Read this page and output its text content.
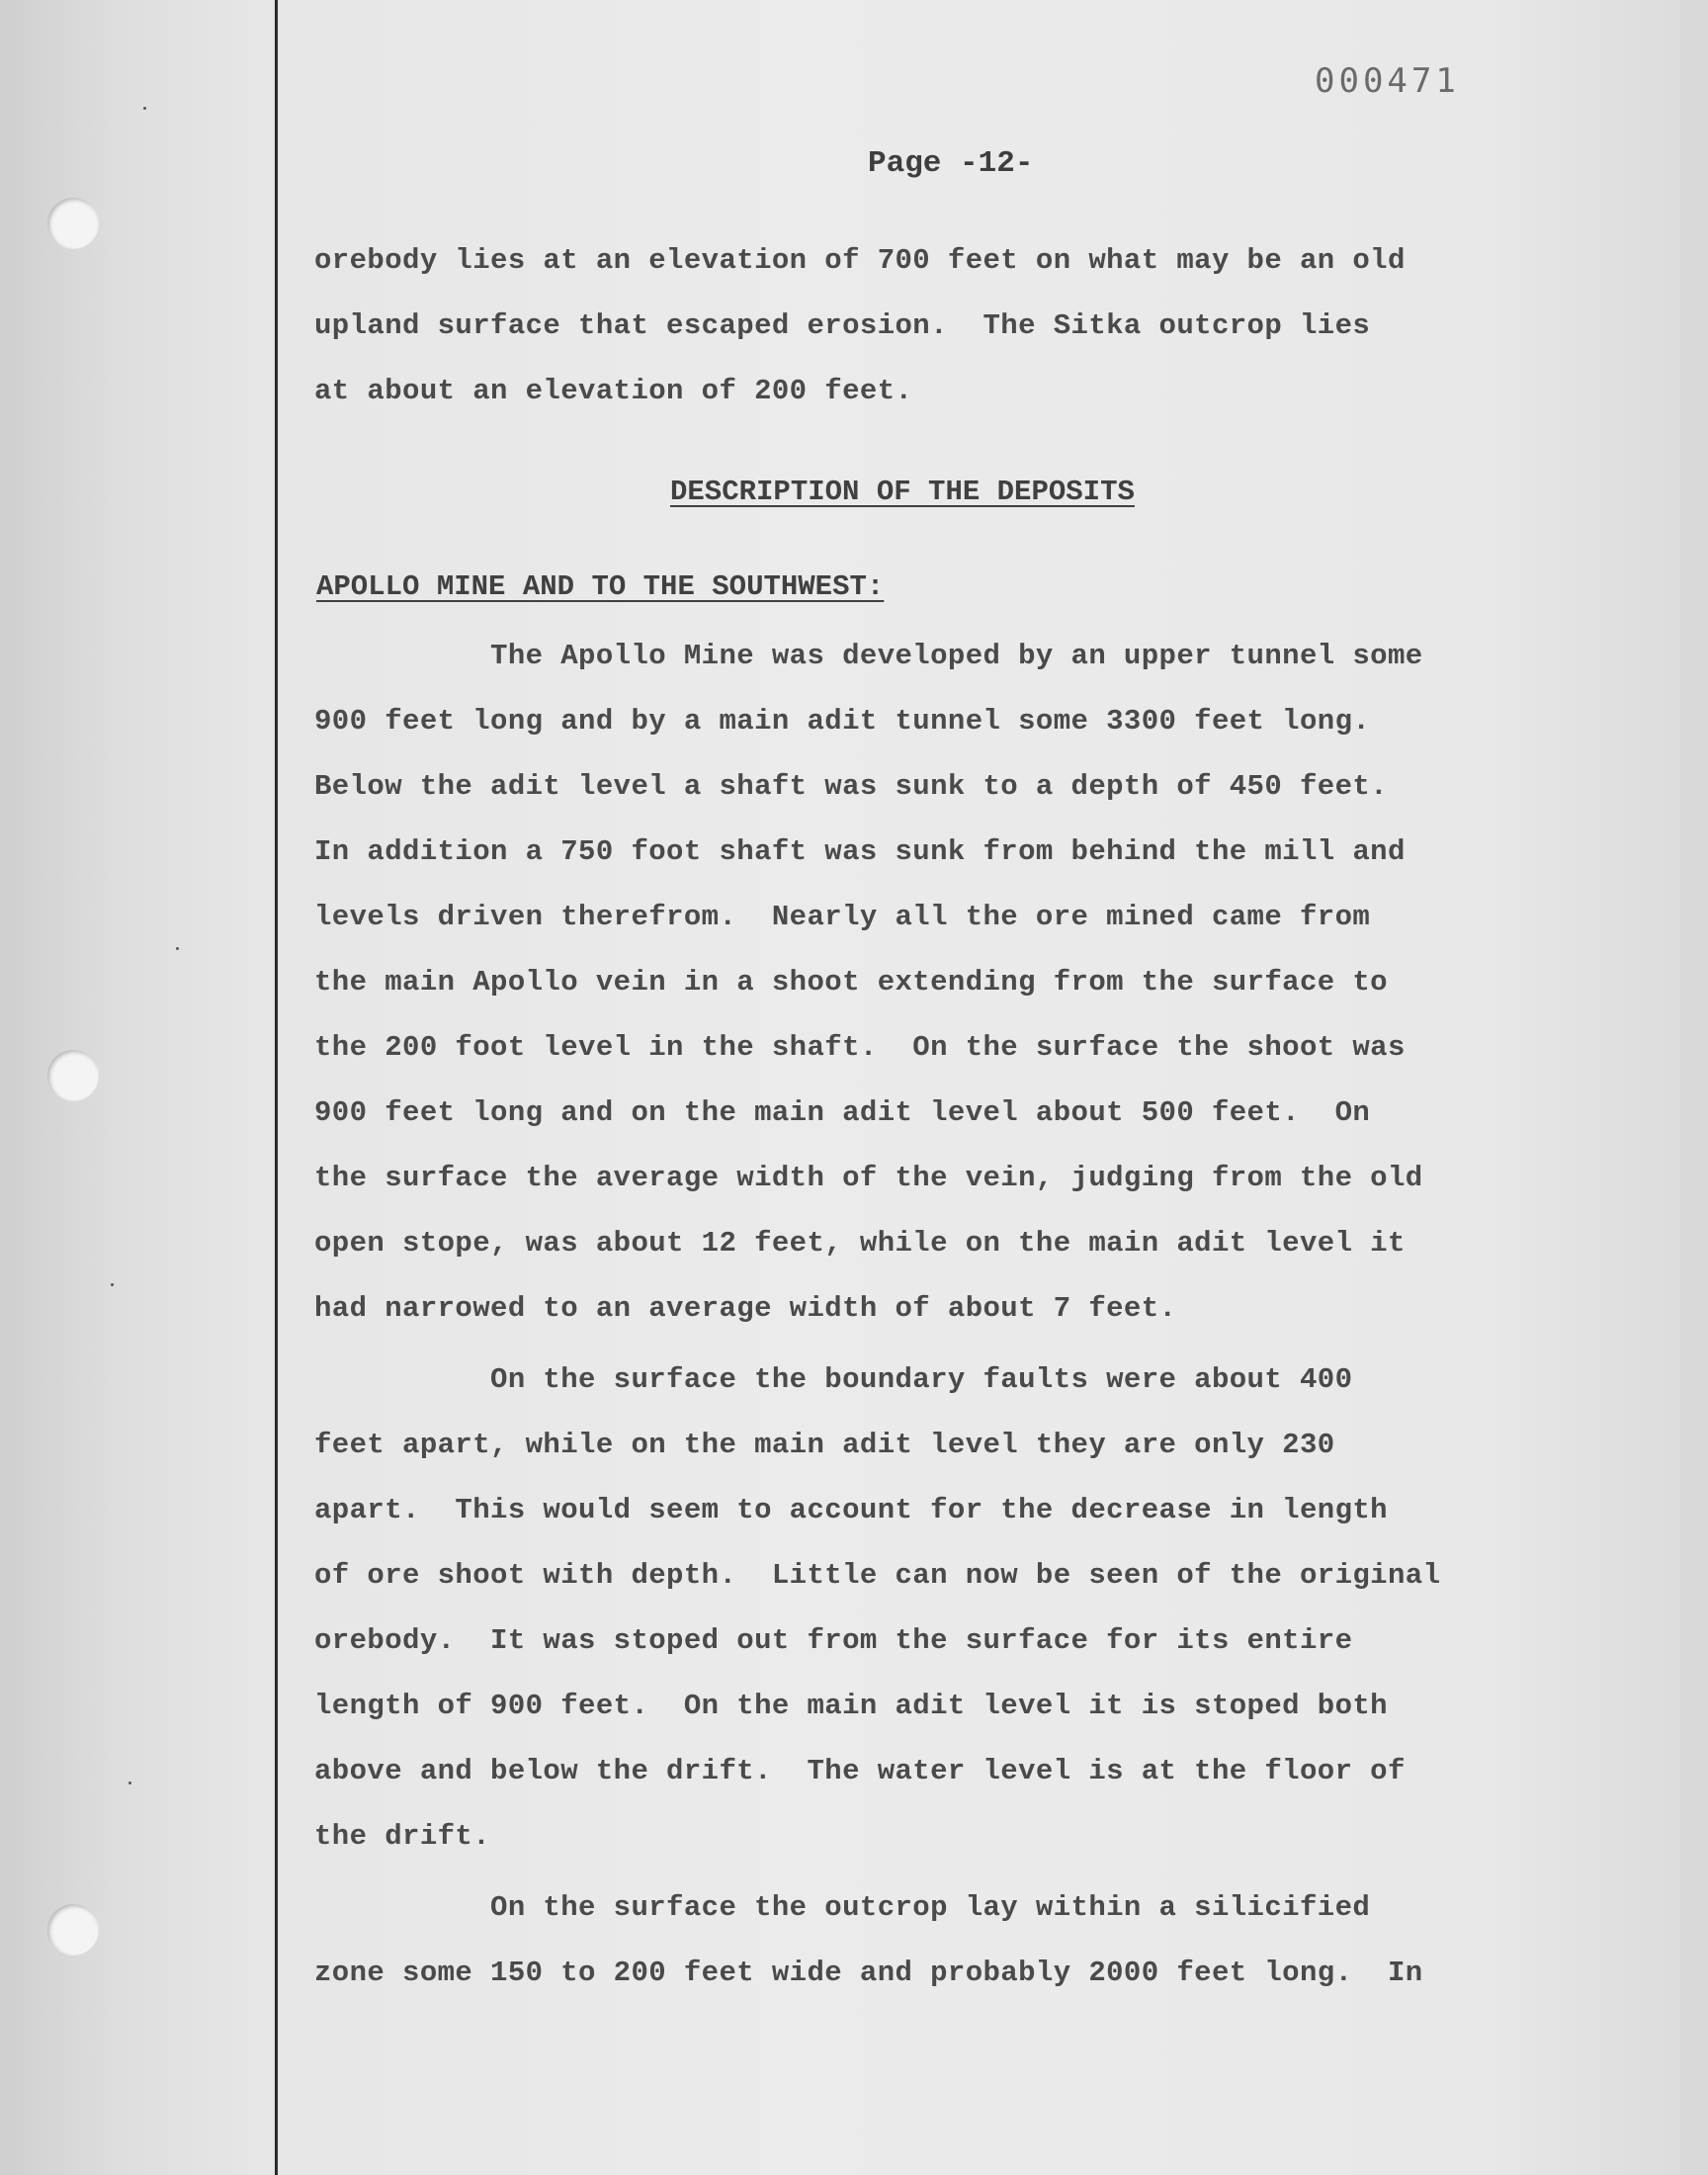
000471
Page -12-
orebody lies at an elevation of 700 feet on what may be an old
upland surface that escaped erosion.  The Sitka outcrop lies
at about an elevation of 200 feet.
DESCRIPTION OF THE DEPOSITS
APOLLO MINE AND TO THE SOUTHWEST:
The Apollo Mine was developed by an upper tunnel some
900 feet long and by a main adit tunnel some 3300 feet long.
Below the adit level a shaft was sunk to a depth of 450 feet.
In addition a 750 foot shaft was sunk from behind the mill and
levels driven therefrom.  Nearly all the ore mined came from
the main Apollo vein in a shoot extending from the surface to
the 200 foot level in the shaft.  On the surface the shoot was
900 feet long and on the main adit level about 500 feet.  On
the surface the average width of the vein, judging from the old
open stope, was about 12 feet, while on the main adit level it
had narrowed to an average width of about 7 feet.
On the surface the boundary faults were about 400
feet apart, while on the main adit level they are only 230
apart.  This would seem to account for the decrease in length
of ore shoot with depth.  Little can now be seen of the original
orebody.  It was stoped out from the surface for its entire
length of 900 feet.  On the main adit level it is stoped both
above and below the drift.  The water level is at the floor of
the drift.
On the surface the outcrop lay within a silicified
zone some 150 to 200 feet wide and probably 2000 feet long.  In
